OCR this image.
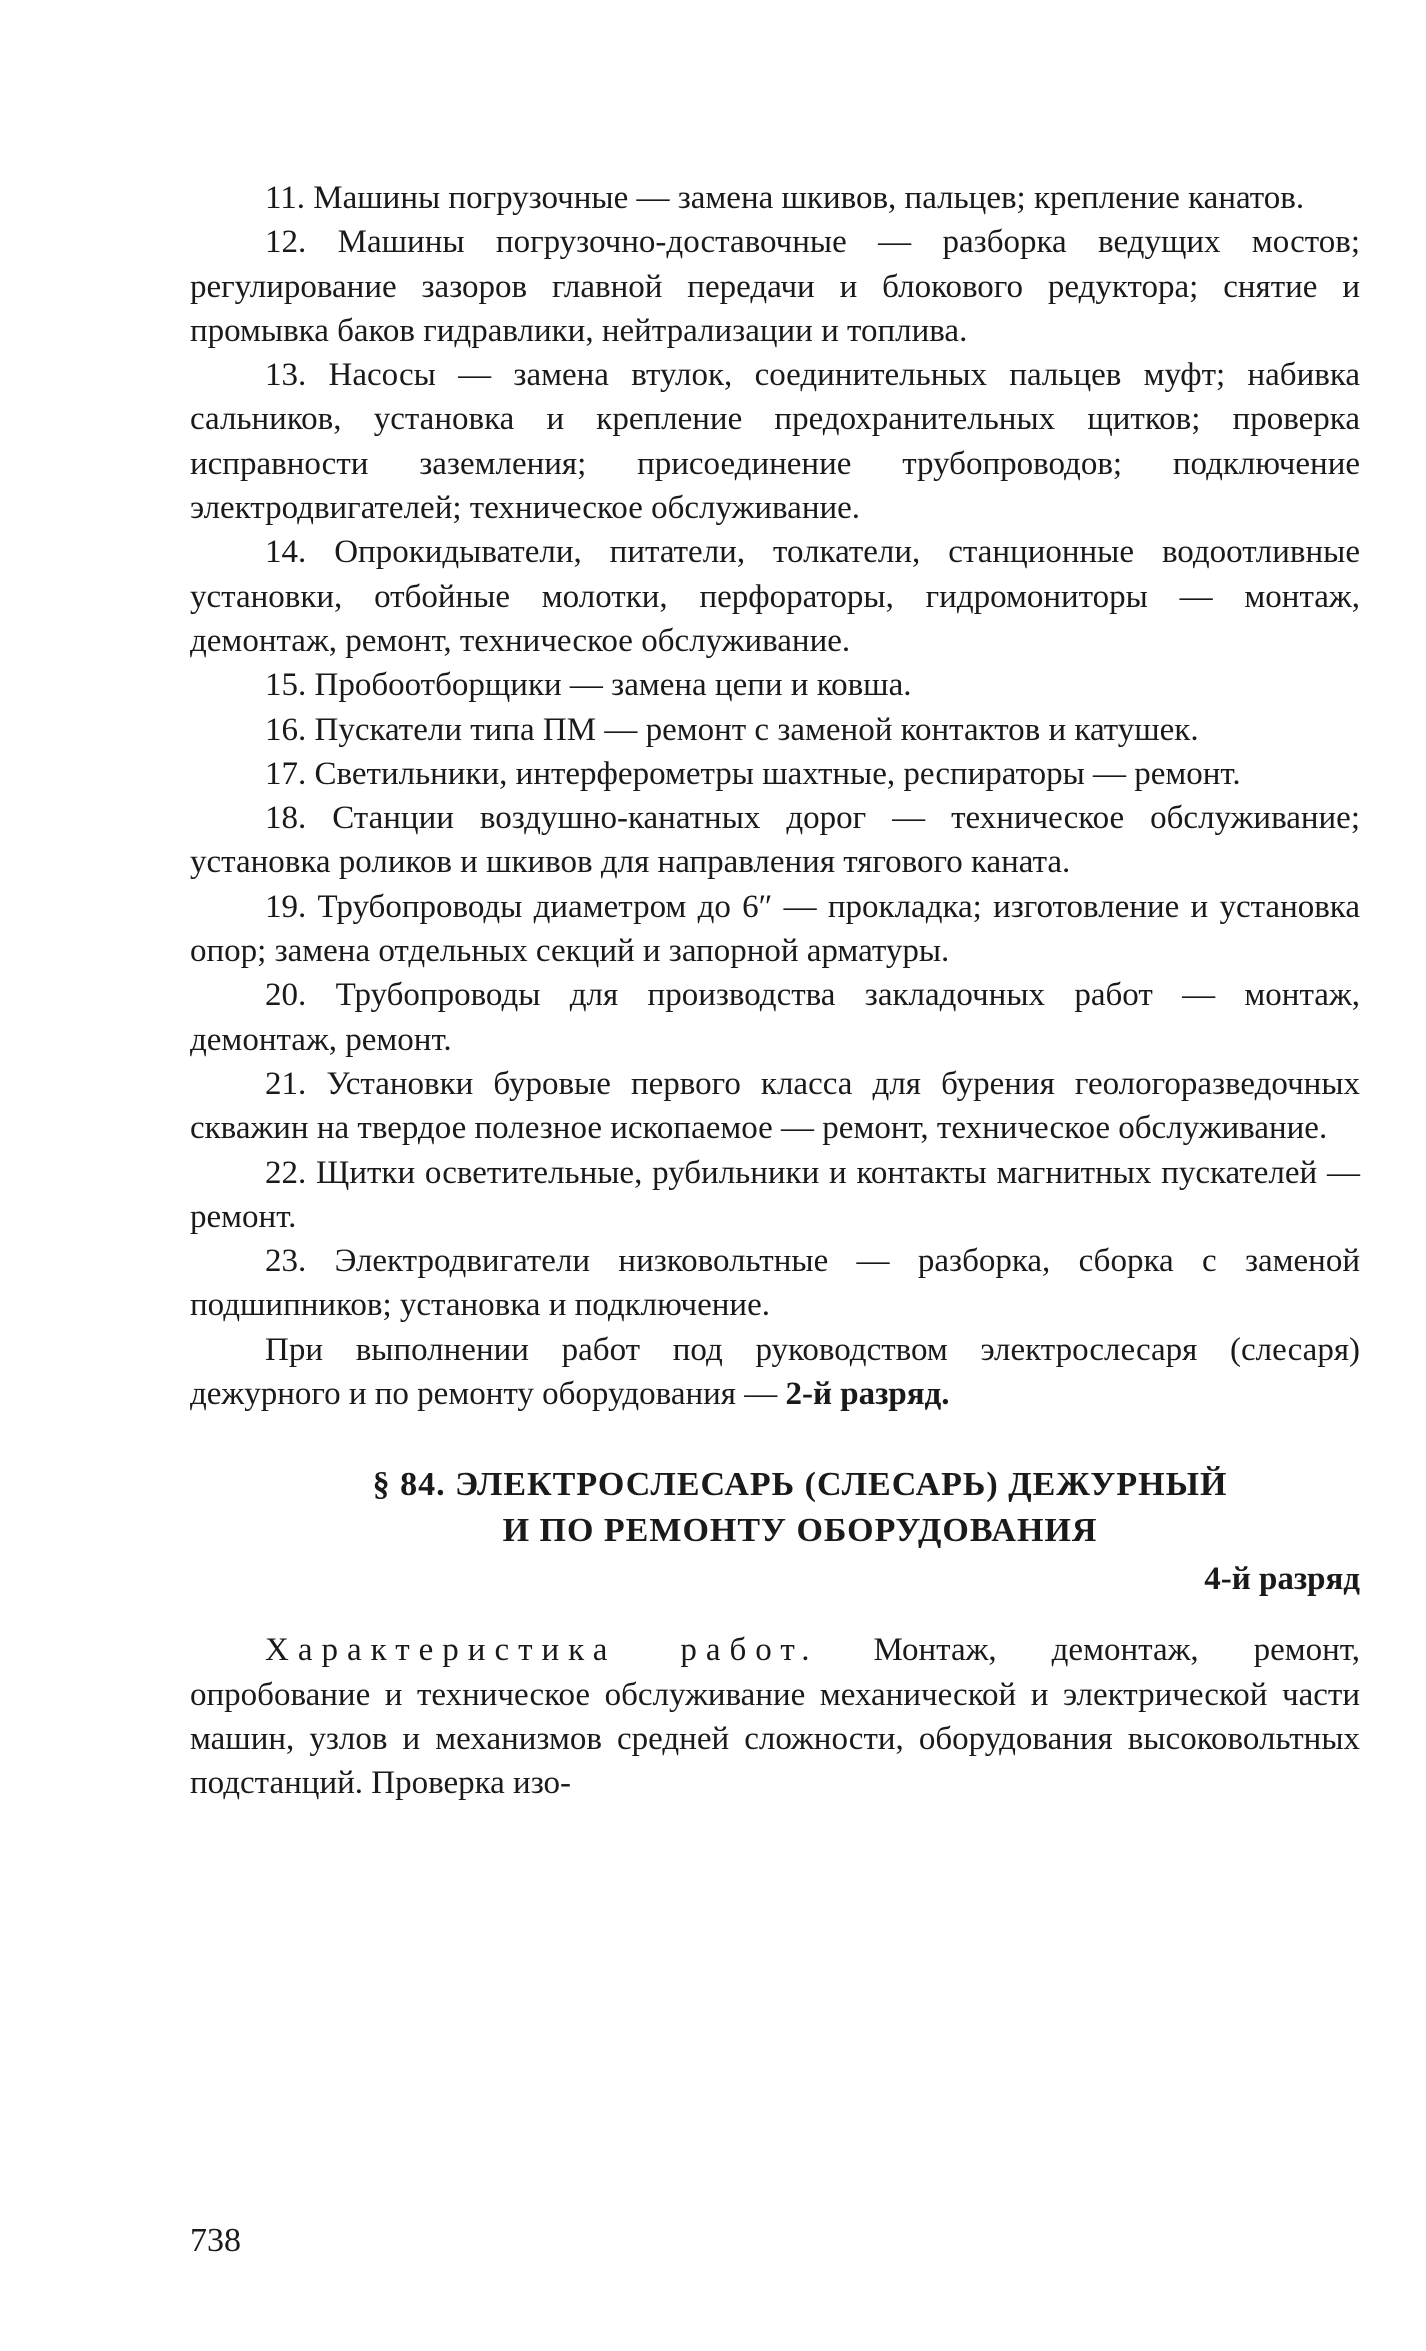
11. Машины погрузочные — замена шкивов, пальцев; крепление канатов.

12. Машины погрузочно-доставочные — разборка ведущих мостов; регулирование зазоров главной передачи и блокового редуктора; снятие и промывка баков гидравлики, нейтрализации и топлива.

13. Насосы — замена втулок, соединительных пальцев муфт; набивка сальников, установка и крепление предохранительных щитков; проверка исправности заземления; присоединение трубопроводов; подключение электродвигателей; техническое обслуживание.

14. Опрокидыватели, питатели, толкатели, станционные водоотливные установки, отбойные молотки, перфораторы, гидромониторы — монтаж, демонтаж, ремонт, техническое обслуживание.

15. Пробоотборщики — замена цепи и ковша.

16. Пускатели типа ПМ — ремонт с заменой контактов и катушек.

17. Светильники, интерферометры шахтные, респираторы — ремонт.

18. Станции воздушно-канатных дорог — техническое обслуживание; установка роликов и шкивов для направления тягового каната.

19. Трубопроводы диаметром до 6″ — прокладка; изготовление и установка опор; замена отдельных секций и запорной арматуры.

20. Трубопроводы для производства закладочных работ — монтаж, демонтаж, ремонт.

21. Установки буровые первого класса для бурения геологоразведочных скважин на твердое полезное ископаемое — ремонт, техническое обслуживание.

22. Щитки осветительные, рубильники и контакты магнитных пускателей — ремонт.

23. Электродвигатели низковольтные — разборка, сборка с заменой подшипников; установка и подключение.

При выполнении работ под руководством электрослесаря (слесаря) дежурного и по ремонту оборудования — 2-й разряд.

§ 84. ЭЛЕКТРОСЛЕСАРЬ (СЛЕСАРЬ) ДЕЖУРНЫЙ
И ПО РЕМОНТУ ОБОРУДОВАНИЯ
4-й разряд

Характеристика работ. Монтаж, демонтаж, ремонт, опробование и техническое обслуживание механической и электрической части машин, узлов и механизмов средней сложности, оборудования высоковольтных подстанций. Проверка изо-

738
